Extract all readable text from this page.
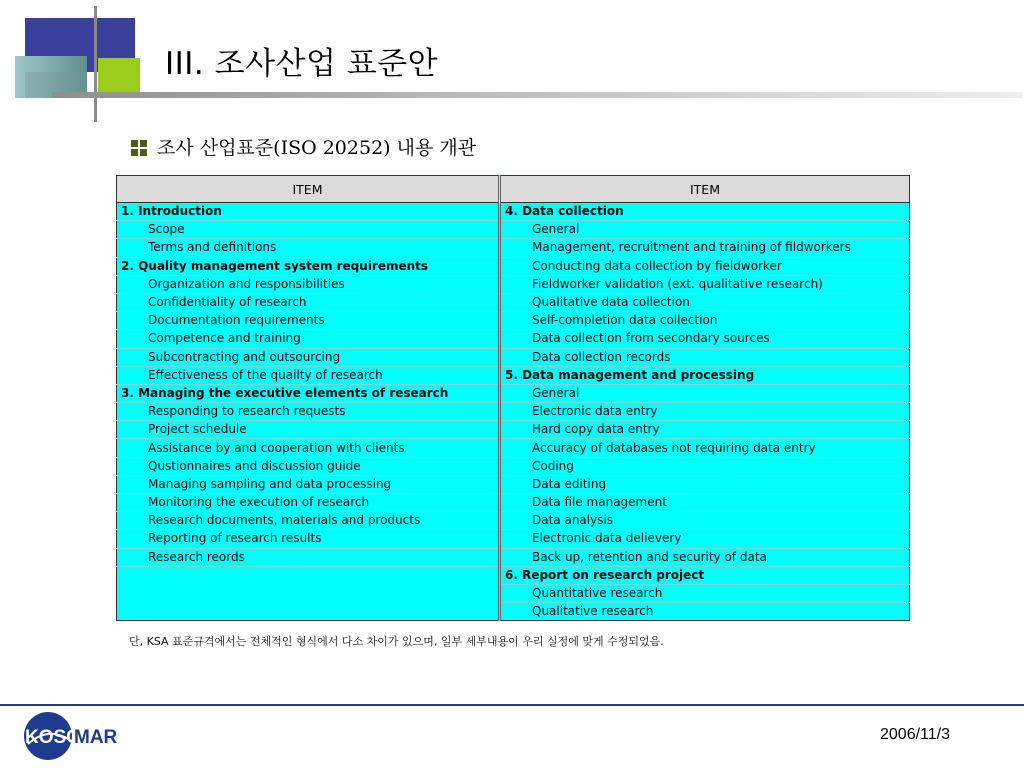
III. 조사산업 표준안
조사 산업표준(ISO 20252) 내용 개관
ITEM	ITEM
1. Introduction	4. Data collection
Scope	General
Terms and definitions	Management, recruitment and training of fildworkers
2. Quality management system requirements	Conducting data collection by fieldworker
Organization and responsibilities	Fieldworker validation (ext. qualitative research)
Confidentiality of research	Qualitative data collection
Documentation requirements	Self-completion data collection
Competence and training	Data collection from secondary sources
Subcontracting and outsourcing	Data collection records
Effectiveness of the quailty of research	5. Data management and processing
3. Managing the executive elements of research	General
Responding to research requests	Electronic data entry
Project schedule	Hard copy data entry
Assistance by and cooperation with clients	Accuracy of databases not requiring data entry
Qustionnaires and discussion guide	Coding
Managing sampling and data processing	Data editing
Monitoring the execution of research	Data file management
Research documents, materials and products	Data analysis
Reporting of research results	Electronic data delievery
Research reords	Back up, retention and security of data
	6. Report on research project
	Quantitative research
	Qualitative research
단, KSA 표준규격에서는 전체적인 형식에서 다소 차이가 있으며, 일부 세부내용이 우리 실정에 맞게 수정되었음.
KOSO
MAR	2006/11/3
